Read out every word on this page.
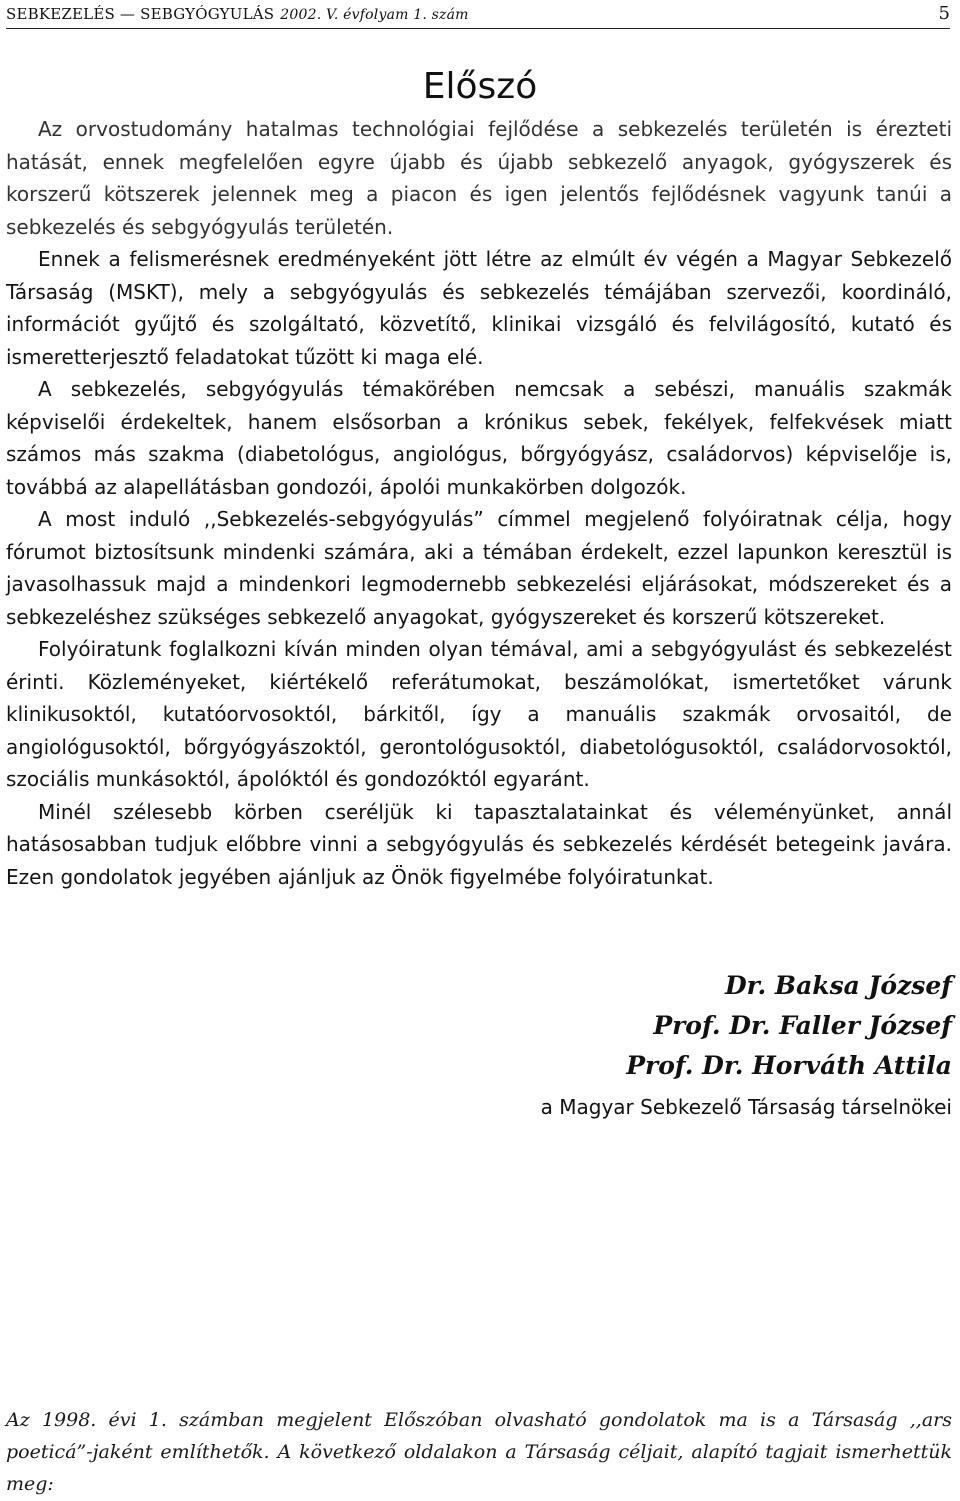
SEBKEZELÉS — SEBGYÓGYULÁS 2002. V. évfolyam 1. szám	5
Előszó

Az orvostudomány hatalmas technológiai fejlődése a sebkezelés területén is érezteti hatását, ennek megfelelően egyre újabb és újabb sebkezelő anyagok, gyógyszerek és korszerű kötszerek jelennek meg a piacon és igen jelentős fejlődésnek vagyunk tanúi a sebkezelés és sebgyógyulás területén.

Ennek a felismerésnek eredményeként jött létre az elmúlt év végén a Magyar Sebkezelő Társaság (MSKT), mely a sebgyógyulás és sebkezelés témájában szervezői, koordináló, információt gyűjtő és szolgáltató, közvetítő, klinikai vizsgáló és felvilágosító, kutató és ismeretterjesztő feladatokat tűzött ki maga elé.

A sebkezelés, sebgyógyulás témakörében nemcsak a sebészi, manuális szakmák képviselői érdekeltek, hanem elsősorban a krónikus sebek, fekélyek, felfekvések miatt számos más szakma (diabetológus, angiológus, bőrgyógyász, családorvos) képviselője is, továbbá az alapellátásban gondozói, ápolói munkakörben dolgozók.

A most induló ,,Sebkezelés-sebgyógyulás” címmel megjelenő folyóiratnak célja, hogy fórumot biztosítsunk mindenki számára, aki a témában érdekelt, ezzel lapunkon keresztül is javasolhassuk majd a mindenkori legmodernebb sebkezelési eljárásokat, módszereket és a sebkezeléshez szükséges sebkezelő anyagokat, gyógyszereket és korszerű kötszereket.

Folyóiratunk foglalkozni kíván minden olyan témával, ami a sebgyógyulást és sebkezelést érinti. Közleményeket, kiértékelő referátumokat, beszámolókat, ismertetőket várunk klinikusoktól, kutatóorvosoktól, bárkitől, így a manuális szakmák orvosaitól, de angiológusoktól, bőrgyógyászoktól, gerontológusoktól, diabetológusoktól, családorvosoktól, szociális munkásoktól, ápolóktól és gondozóktól egyaránt.

Minél szélesebb körben cseréljük ki tapasztalatainkat és véleményünket, annál hatásosabban tudjuk előbbre vinni a sebgyógyulás és sebkezelés kérdését betegeink javára. Ezen gondolatok jegyében ajánljuk az Önök figyelmébe folyóiratunkat.

Dr. Baksa József
Prof. Dr. Faller József
Prof. Dr. Horváth Attila
a Magyar Sebkezelő Társaság társelnökei
Az 1998. évi 1. számban megjelent Előszóban olvasható gondolatok ma is a Társaság ,,ars poeticá”-jaként említhetők. A következő oldalakon a Társaság céljait, alapító tagjait ismerhettük meg:
